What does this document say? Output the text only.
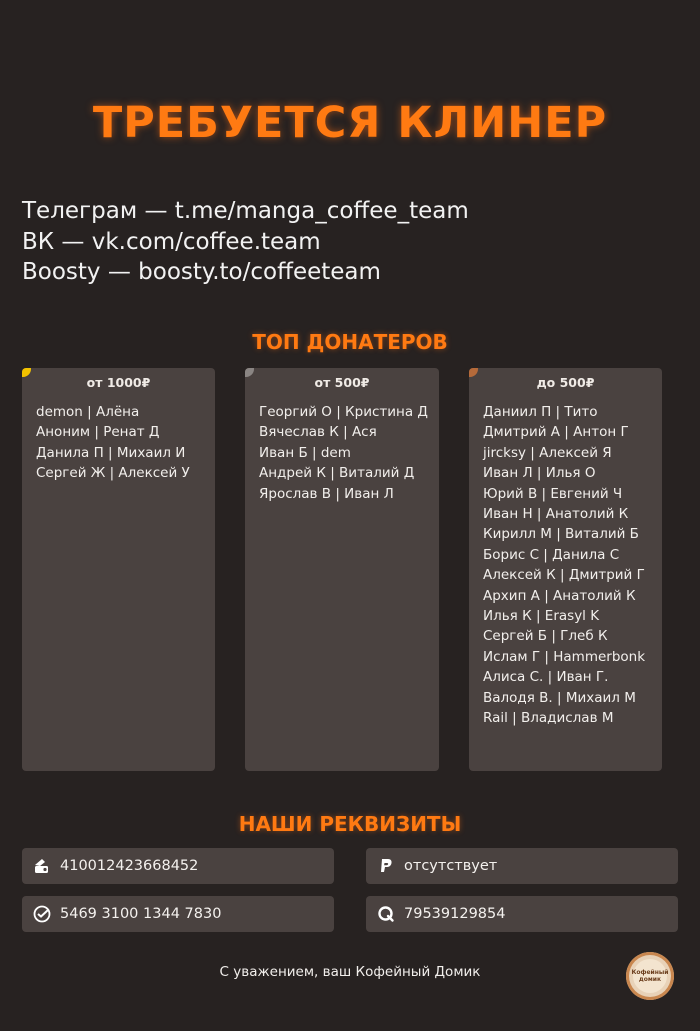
ТРЕБУЕТСЯ КЛИНЕР
Телеграм — t.me/manga_coffee_team
ВК — vk.com/coffee.team
Boosty — boosty.to/coffeeteam
ТОП ДОНАТЕРОВ
от 1000₽
demon | Алёна
Аноним | Ренат Д
Данила П | Михаил И
Сергей Ж | Алексей У
от 500₽
Георгий О | Кристина Д
Вячеслав К | Ася
Иван Б | dem
Андрей К | Виталий Д
Ярослав В | Иван Л
до 500₽
Даниил П | Тито
Дмитрий А | Антон Г
jircksy | Алексей Я
Иван Л | Илья О
Юрий В | Евгений Ч
Иван Н | Анатолий К
Кирилл М | Виталий Б
Борис С | Данила С
Алексей К | Дмитрий Г
Архип А | Анатолий К
Илья К | Erasyl K
Сергей Б | Глеб К
Ислам Г | Hammerbonk
Алиса С. | Иван Г.
Валодя В. | Михаил М
Rail | Владислав М
НАШИ РЕКВИЗИТЫ
410012423668452	отсутствует
5469 3100 1344 7830	79539129854
С уважением, ваш Кофейный Домик	Кофейный домик
